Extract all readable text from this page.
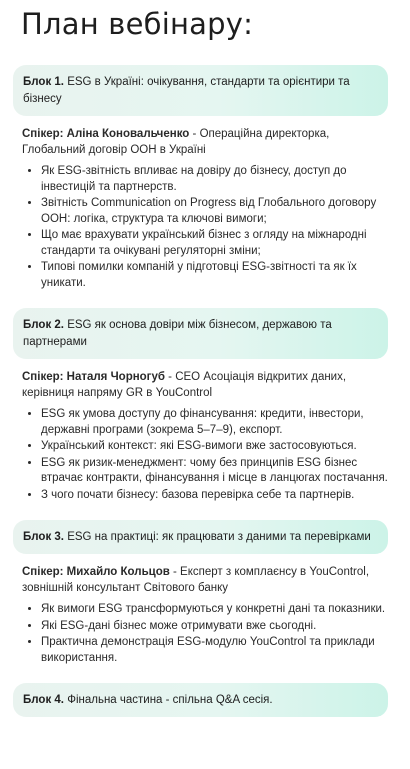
План вебінару:
Блок 1. ESG в Україні: очікування, стандарти та орієнтири та бізнесу
Спікер: Аліна Коновальченко - Операційна директорка, Глобальний договір ООН в Україні
• Як ESG-звітність впливає на довіру до бізнесу, доступ до інвестицій та партнерств.
• Звітність Communication on Progress від Глобального договору ООН: логіка, структура та ключові вимоги;
• Що має врахувати український бізнес з огляду на міжнародні стандарти та очікувані регуляторні зміни;
• Типові помилки компаній у підготовці ESG-звітності та як їх уникати.
Блок 2. ESG як основа довіри між бізнесом, державою та партнерами
Спікер: Наталя Чорногуб - CEO Асоціація відкритих даних, керівниця напряму GR в YouControl
• ESG як умова доступу до фінансування: кредити, інвестори, державні програми (зокрема 5–7–9), експорт.
• Український контекст: які ESG-вимоги вже застосовуються.
• ESG як ризик-менеджмент: чому без принципів ESG бізнес втрачає контракти, фінансування і місце в ланцюгах постачання.
• З чого почати бізнесу: базова перевірка себе та партнерів.
Блок 3. ESG на практиці: як працювати з даними та перевірками
Спікер: Михайло Кольцов - Експерт з комплаєнсу в YouControl, зовнішній консультант Світового банку
• Як вимоги ESG трансформуються у конкретні дані та показники.
• Які ESG-дані бізнес може отримувати вже сьогодні.
• Практична демонстрація ESG-модулю YouControl та приклади використання.
Блок 4. Фінальна частина - спільна Q&A сесія.
